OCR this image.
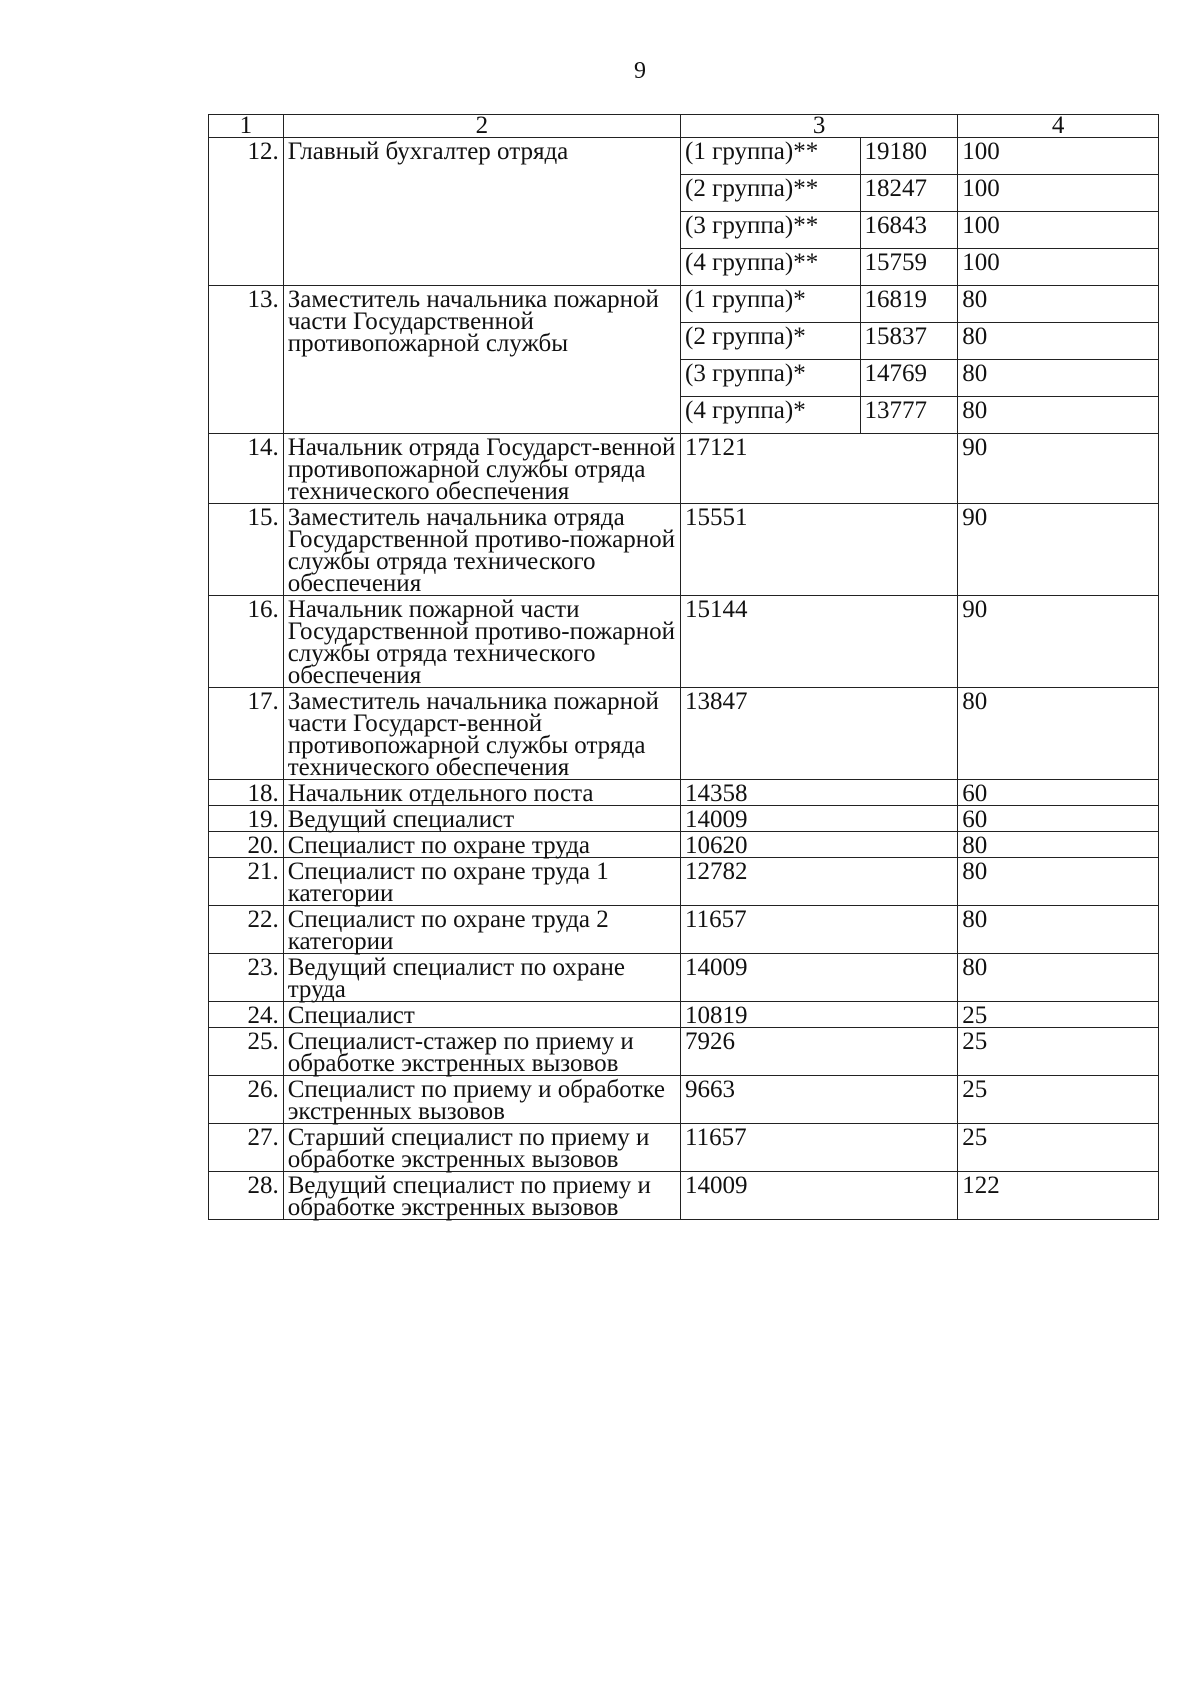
9
1	2	3		4
12.	Главный бухгалтер отряда	(1 группа)**	19180	100
		(2 группа)**	18247	100
		(3 группа)**	16843	100
		(4 группа)**	15759	100
13.	Заместитель начальника пожарной части Государственной противопожарной службы	(1 группа)*	16819	80
		(2 группа)*	15837	80
		(3 группа)*	14769	80
		(4 группа)*	13777	80
14.	Начальник отряда Государст-венной противопожарной службы отряда технического обеспечения	17121		90
15.	Заместитель начальника отряда Государственной противо-пожарной службы отряда технического обеспечения	15551		90
16.	Начальник пожарной части Государственной противо-пожарной службы отряда технического обеспечения	15144		90
17.	Заместитель начальника пожарной части Государст-венной противопожарной службы отряда технического обеспечения	13847		80
18.	Начальник отдельного поста	14358		60
19.	Ведущий специалист	14009		60
20.	Специалист по охране труда	10620		80
21.	Специалист по охране труда 1 категории	12782		80
22.	Специалист по охране труда 2 категории	11657		80
23.	Ведущий специалист по охране труда	14009		80
24.	Специалист	10819		25
25.	Специалист-стажер по приему и обработке экстренных вызовов	7926		25
26.	Специалист по приему и обработке экстренных вызовов	9663		25
27.	Старший специалист по приему и обработке экстренных вызовов	11657		25
28.	Ведущий специалист по приему и обработке экстренных вызовов	14009		122
